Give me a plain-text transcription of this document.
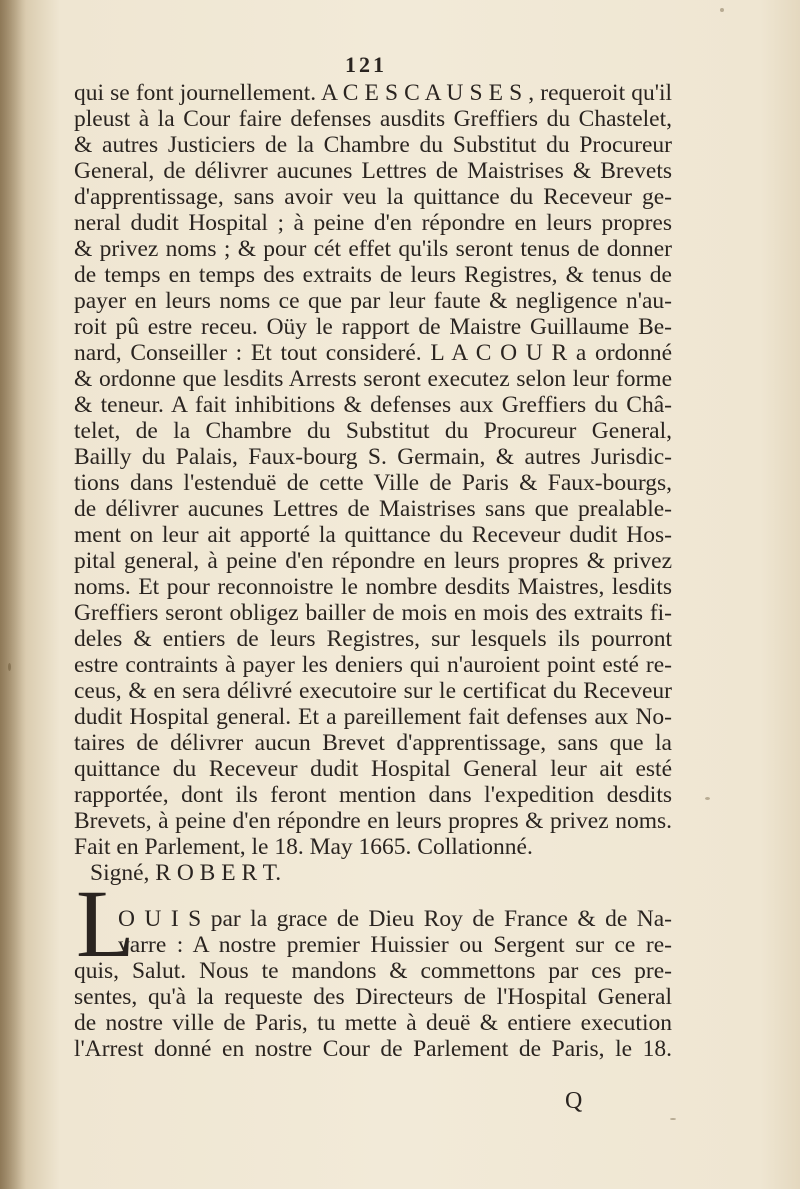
121
qui se font journellement. A C E S C A U S E S , requeroit qu'il
pleust à la Cour faire defenses ausdits Greffiers du Chastelet,
& autres Justiciers de la Chambre du Substitut du Procureur
General, de délivrer aucunes Lettres de Maistrises & Brevets
d'apprentissage, sans avoir veu la quittance du Receveur ge-
neral dudit Hospital ; à peine d'en répondre en leurs propres
& privez noms ; & pour cét effet qu'ils seront tenus de donner
de temps en temps des extraits de leurs Registres, & tenus de
payer en leurs noms ce que par leur faute & negligence n'au-
roit pû estre receu. Oüy le rapport de Maistre Guillaume Be-
nard, Conseiller : Et tout consideré. L A C O U R a ordonné
& ordonne que lesdits Arrests seront executez selon leur forme
& teneur. A fait inhibitions & defenses aux Greffiers du Châ-
telet, de la Chambre du Substitut du Procureur General,
Bailly du Palais, Faux-bourg S. Germain, & autres Jurisdic-
tions dans l'estenduë de cette Ville de Paris & Faux-bourgs,
de délivrer aucunes Lettres de Maistrises sans que prealable-
ment on leur ait apporté la quittance du Receveur dudit Hos-
pital general, à peine d'en répondre en leurs propres & privez
noms. Et pour reconnoistre le nombre desdits Maistres, lesdits
Greffiers seront obligez bailler de mois en mois des extraits fi-
deles & entiers de leurs Registres, sur lesquels ils pourront
estre contraints à payer les deniers qui n'auroient point esté re-
ceus, & en sera délivré executoire sur le certificat du Receveur
dudit Hospital general. Et a pareillement fait defenses aux No-
taires de délivrer aucun Brevet d'apprentissage, sans que la
quittance du Receveur dudit Hospital General leur ait esté
rapportée, dont ils feront mention dans l'expedition desdits
Brevets, à peine d'en répondre en leurs propres & privez noms.
Fait en Parlement, le 18. May 1665. Collationné.
Signé, R O B E R T.
L
O U I S par la grace de Dieu Roy de France & de Na-
varre : A nostre premier Huissier ou Sergent sur ce re-
quis, Salut. Nous te mandons & commettons par ces pre-
sentes, qu'à la requeste des Directeurs de l'Hospital General
de nostre ville de Paris, tu mette à deuë & entiere execution
l'Arrest donné en nostre Cour de Parlement de Paris, le 18.
Q
